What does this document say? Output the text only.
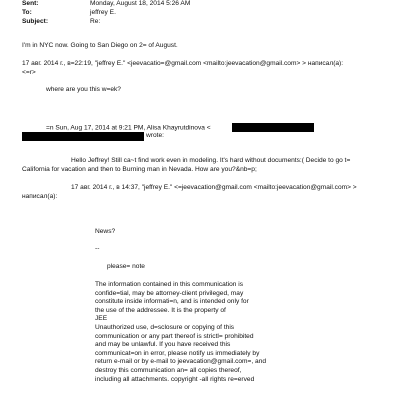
Sent:	Monday, August 18, 2014 5:26 AM
To:	jeffrey E.
Subject:	Re:
I'm in NYC now. Going to San Diego on 2= of August.
17 авг. 2014 г., в=22:19, "jeffrey E." <jeevacatio=@gmail.com <mailto:jeevacation@gmail.com> > написал(а):
<=r>
where are you this w=ek?
=n Sun, Aug 17, 2014 at 9:21 PM, Alisa Khayrutdinova <
wrote:
Hello Jeffrey! Still ca~t find work even in modeling. It's hard without documents:( Decide to go t=
California for vacation and then to Burning man in Nevada. How are you?&nb=p;
17 авг. 2014 г., в 14:37, "jeffrey E." <=jeevacation@gmail.com <mailto:jeevacation@gmail.com> >
написал(а):
News?
--
please= note
The information contained in this communication is
confide=tial, may be attorney-client privileged, may
constitute inside informati=n, and is intended only for
the use of the addressee. It is the property of
JEE
Unauthorized use, d=sclosure or copying of this
communication or any part thereof is strictl= prohibited
and may be unlawful. If you have received this
communicat=on in error, please notify us immediately by
return e-mail or by e-mail to jeevacation@gmail.com=, and
destroy this communication an= all copies thereof,
including all attachments. copyright -all rights re=erved
